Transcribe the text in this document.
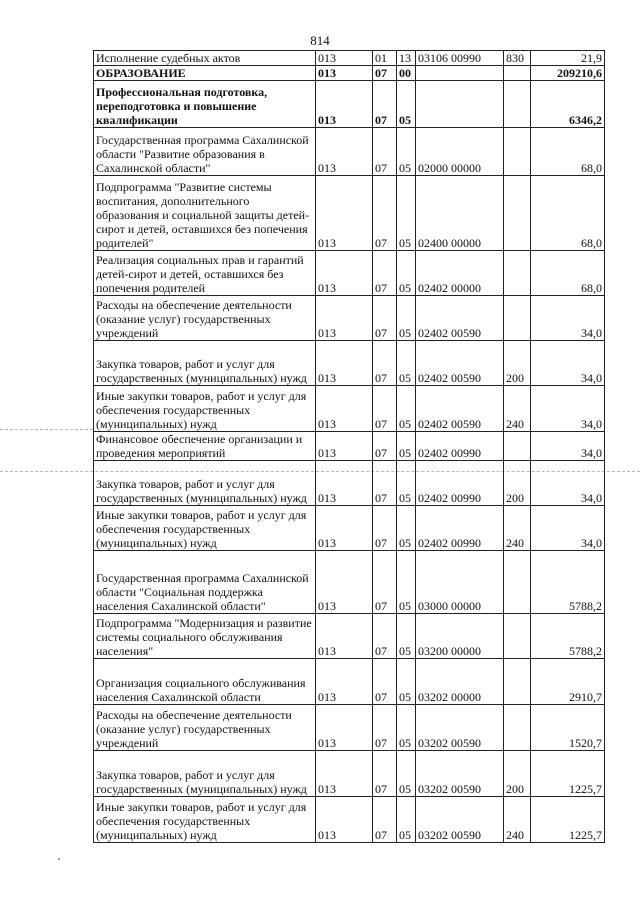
814
Исполнение судебных актов	013	01	13	03106 00990	830	21,9
ОБРАЗОВАНИЕ	013	07	00			209210,6
Профессиональная подготовка, переподготовка и повышение квалификации	013	07	05			6346,2
Государственная программа Сахалинской области "Развитие образования в Сахалинской области"	013	07	05	02000 00000		68,0
Подпрограмма "Развитие системы воспитания, дополнительного образования и социальной защиты детей-сирот и детей, оставшихся без попечения родителей"	013	07	05	02400 00000		68,0
Реализация социальных прав и гарантий детей-сирот и детей, оставшихся без попечения родителей	013	07	05	02402 00000		68,0
Расходы на обеспечение деятельности (оказание услуг) государственных учреждений	013	07	05	02402 00590		34,0
Закупка товаров, работ и услуг для государственных (муниципальных) нужд	013	07	05	02402 00590	200	34,0
Иные закупки товаров, работ и услуг для обеспечения государственных (муниципальных) нужд	013	07	05	02402 00590	240	34,0
Финансовое обеспечение организации и проведения мероприятий	013	07	05	02402 00990		34,0
Закупка товаров, работ и услуг для государственных (муниципальных) нужд	013	07	05	02402 00990	200	34,0
Иные закупки товаров, работ и услуг для обеспечения государственных (муниципальных) нужд	013	07	05	02402 00990	240	34,0
Государственная программа Сахалинской области "Социальная поддержка населения Сахалинской области"	013	07	05	03000 00000		5788,2
Подпрограмма "Модернизация и развитие системы социального обслуживания населения"	013	07	05	03200 00000		5788,2
Организация социального обслуживания населения Сахалинской области	013	07	05	03202 00000		2910,7
Расходы на обеспечение деятельности (оказание услуг) государственных учреждений	013	07	05	03202 00590		1520,7
Закупка товаров, работ и услуг для государственных (муниципальных) нужд	013	07	05	03202 00590	200	1225,7
Иные закупки товаров, работ и услуг для обеспечения государственных (муниципальных) нужд	013	07	05	03202 00590	240	1225,7
